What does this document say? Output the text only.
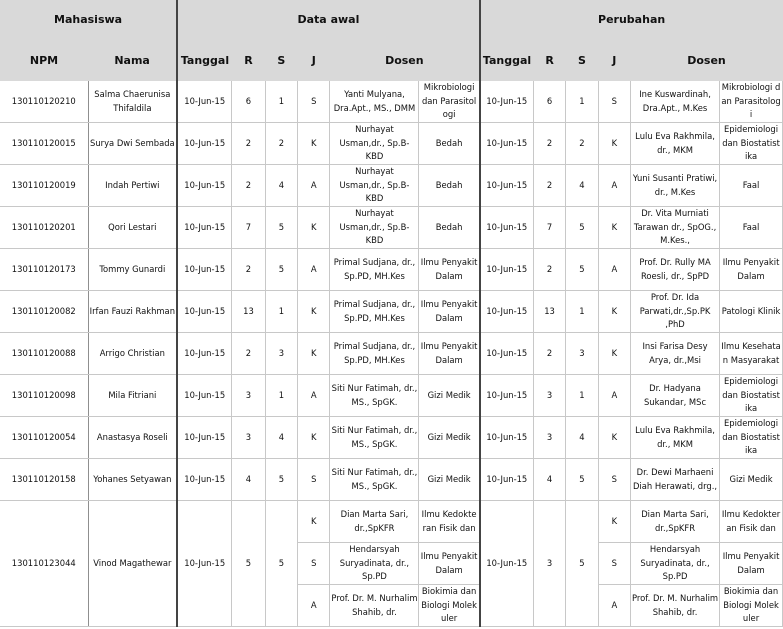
Mahasiswa		Data awal						Perubahan					
NPM	Nama	Tanggal	R	S	J	Dosen		Tanggal	R	S	J	Dosen	
130110120210	Salma Chaerunisa Thifaldila	10-Jun-15	6	1	S	Yanti Mulyana, Dra.Apt., MS., DMM	Mikrobiologi dan Parasitologi	10-Jun-15	6	1	S	Ine Kuswardinah, Dra.Apt., M.Kes	Mikrobiologi dan Parasitologi
130110120015	Surya Dwi Sembada	10-Jun-15	2	2	K	Nurhayat Usman,dr., Sp.B-KBD	Bedah	10-Jun-15	2	2	K	Lulu Eva Rakhmila, dr., MKM	Epidemiologi dan Biostatistika
130110120019	Indah Pertiwi	10-Jun-15	2	4	A	Nurhayat Usman,dr., Sp.B-KBD	Bedah	10-Jun-15	2	4	A	Yuni Susanti Pratiwi, dr., M.Kes	Faal
130110120201	Qori Lestari	10-Jun-15	7	5	K	Nurhayat Usman,dr., Sp.B-KBD	Bedah	10-Jun-15	7	5	K	Dr. Vita Murniati Tarawan dr., SpOG., M.Kes.,	Faal
130110120173	Tommy Gunardi	10-Jun-15	2	5	A	Primal Sudjana, dr., Sp.PD, MH.Kes	Ilmu Penyakit Dalam	10-Jun-15	2	5	A	Prof. Dr. Rully MA Roesli, dr., SpPD	Ilmu Penyakit Dalam
130110120082	Irfan Fauzi Rakhman	10-Jun-15	13	1	K	Primal Sudjana, dr., Sp.PD, MH.Kes	Ilmu Penyakit Dalam	10-Jun-15	13	1	K	Prof. Dr. Ida Parwati,dr.,Sp.PK ,PhD	Patologi Klinik
130110120088	Arrigo Christian	10-Jun-15	2	3	K	Primal Sudjana, dr., Sp.PD, MH.Kes	Ilmu Penyakit Dalam	10-Jun-15	2	3	K	Insi Farisa Desy Arya, dr.,Msi	Ilmu Kesehatan Masyarakat
130110120098	Mila Fitriani	10-Jun-15	3	1	A	Siti Nur Fatimah, dr., MS., SpGK.	Gizi Medik	10-Jun-15	3	1	A	Dr. Hadyana Sukandar, MSc	Epidemiologi dan Biostatistika
130110120054	Anastasya Roseli	10-Jun-15	3	4	K	Siti Nur Fatimah, dr., MS., SpGK.	Gizi Medik	10-Jun-15	3	4	K	Lulu Eva Rakhmila, dr., MKM	Epidemiologi dan Biostatistika
130110120158	Yohanes Setyawan	10-Jun-15	4	5	S	Siti Nur Fatimah, dr., MS., SpGK.	Gizi Medik	10-Jun-15	4	5	S	Dr. Dewi Marhaeni Diah Herawati, drg.,	Gizi Medik
130110123044	Vinod Magathewar	10-Jun-15	5	5	K	Dian Marta Sari, dr.,SpKFR	Ilmu Kedokteran Fisik dan	10-Jun-15	3	5	K	Dian Marta Sari, dr.,SpKFR	Ilmu Kedokteran Fisik dan
					S	Hendarsyah Suryadinata, dr., Sp.PD	Ilmu Penyakit Dalam				S	Hendarsyah Suryadinata, dr., Sp.PD	Ilmu Penyakit Dalam
					A	Prof. Dr. M. Nurhalim Shahib, dr.	Biokimia dan Biologi Molekuler				A	Prof. Dr. M. Nurhalim Shahib, dr.	Biokimia dan Biologi Molekuler
